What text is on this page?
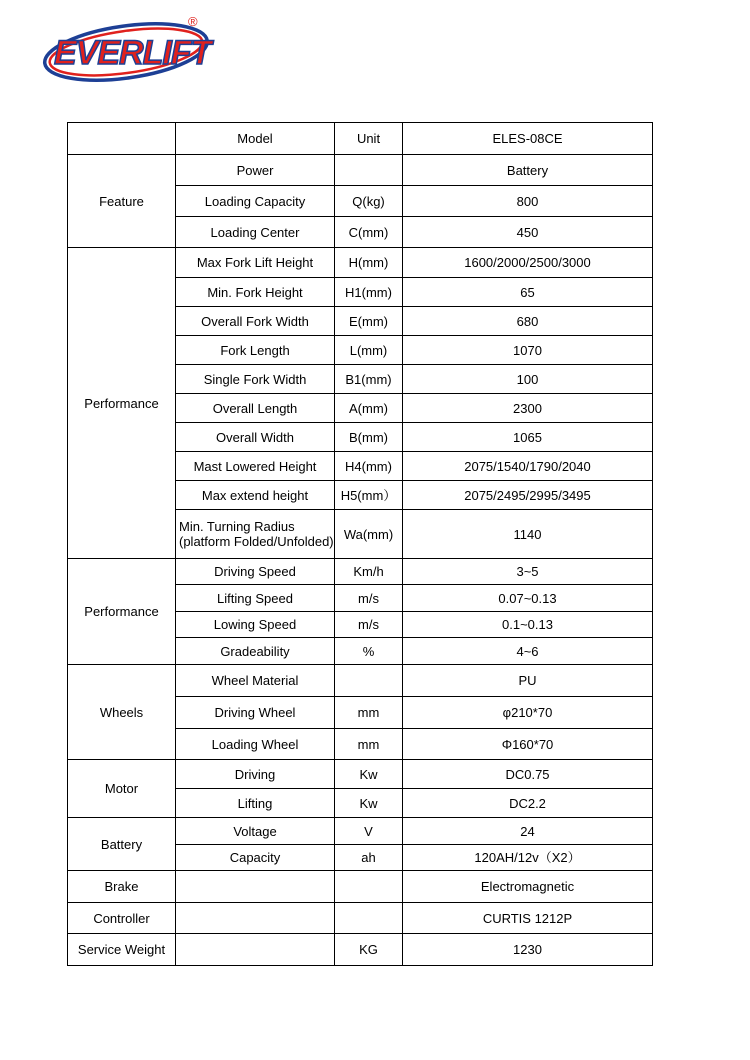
EVERLIFT
®
	Model	Unit	ELES-08CE
Feature	Power		Battery
	Loading Capacity	Q(kg)	800
	Loading Center	C(mm)	450
Performance	Max Fork Lift Height	H(mm)	1600/2000/2500/3000
	Min. Fork Height	H1(mm)	65
	Overall Fork Width	E(mm)	680
	Fork Length	L(mm)	1070
	Single Fork Width	B1(mm)	100
	Overall Length	A(mm)	2300
	Overall Width	B(mm)	1065
	Mast Lowered Height	H4(mm)	2075/1540/1790/2040
	Max extend height	H5(mm）	2075/2495/2995/3495
	Min. Turning Radius (platform Folded/Unfolded)	Wa(mm)	1140
Performance	Driving Speed	Km/h	3~5
	Lifting Speed	m/s	0.07~0.13
	Lowing Speed	m/s	0.1~0.13
	Gradeability	%	4~6
Wheels	Wheel Material		PU
	Driving Wheel	mm	φ210*70
	Loading Wheel	mm	Φ160*70
Motor	Driving	Kw	DC0.75
	Lifting	Kw	DC2.2
Battery	Voltage	V	24
	Capacity	ah	120AH/12v（X2）
Brake			Electromagnetic
Controller			CURTIS 1212P
Service Weight		KG	1230
